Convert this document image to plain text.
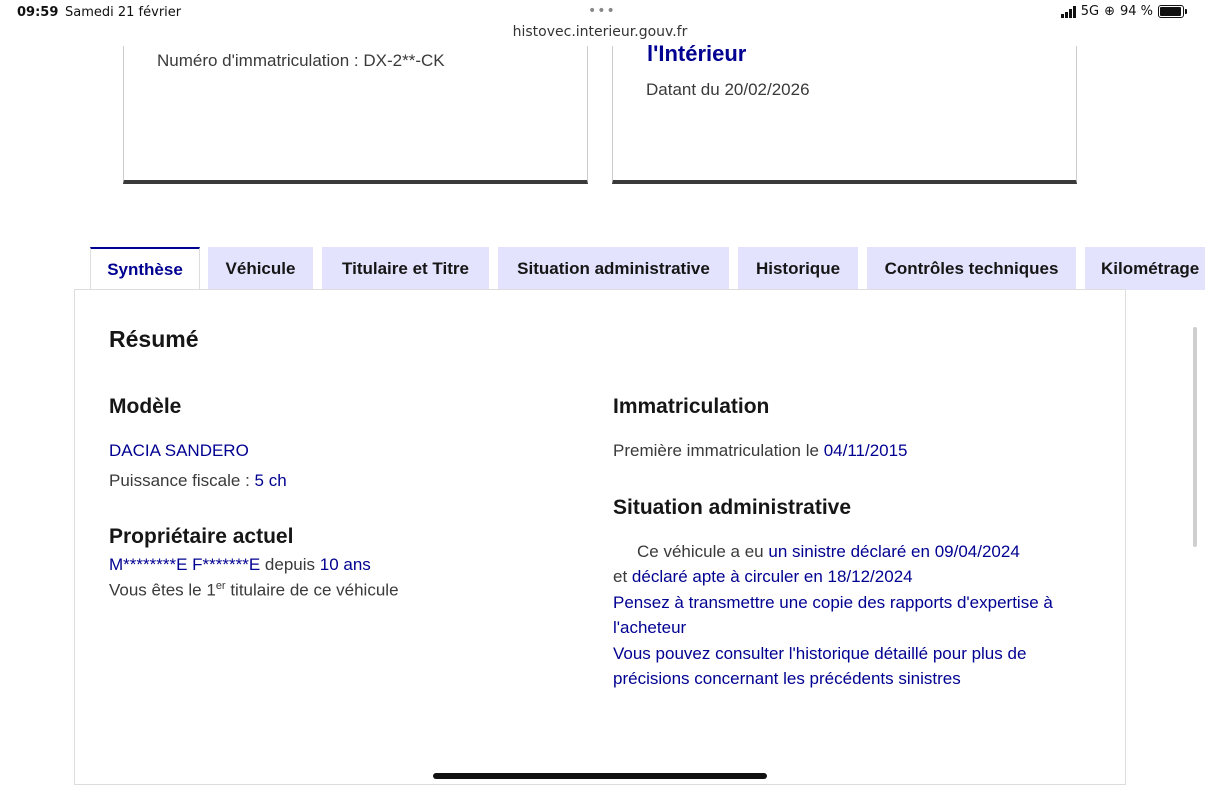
09:59 Samedi 21 février	•••
histovec.interieur.gouv.fr
5G ⊕ 94 %
Numéro d'immatriculation : DX-2**-CK	l'Intérieur
Datant du 20/02/2026
Synthèse	Véhicule	Titulaire et Titre	Situation administrative	Historique	Contrôles techniques	Kilométrage
Résumé
Modèle
DACIA SANDERO
Puissance fiscale : 5 ch
Propriétaire actuel
M********E F*******E depuis 10 ans
Vous êtes le 1er titulaire de ce véhicule
Immatriculation
Première immatriculation le 04/11/2015
Situation administrative
Ce véhicule a eu un sinistre déclaré en 09/04/2024
et déclaré apte à circuler en 18/12/2024
Pensez à transmettre une copie des rapports d'expertise à
l'acheteur
Vous pouvez consulter l'historique détaillé pour plus de
précisions concernant les précédents sinistres
